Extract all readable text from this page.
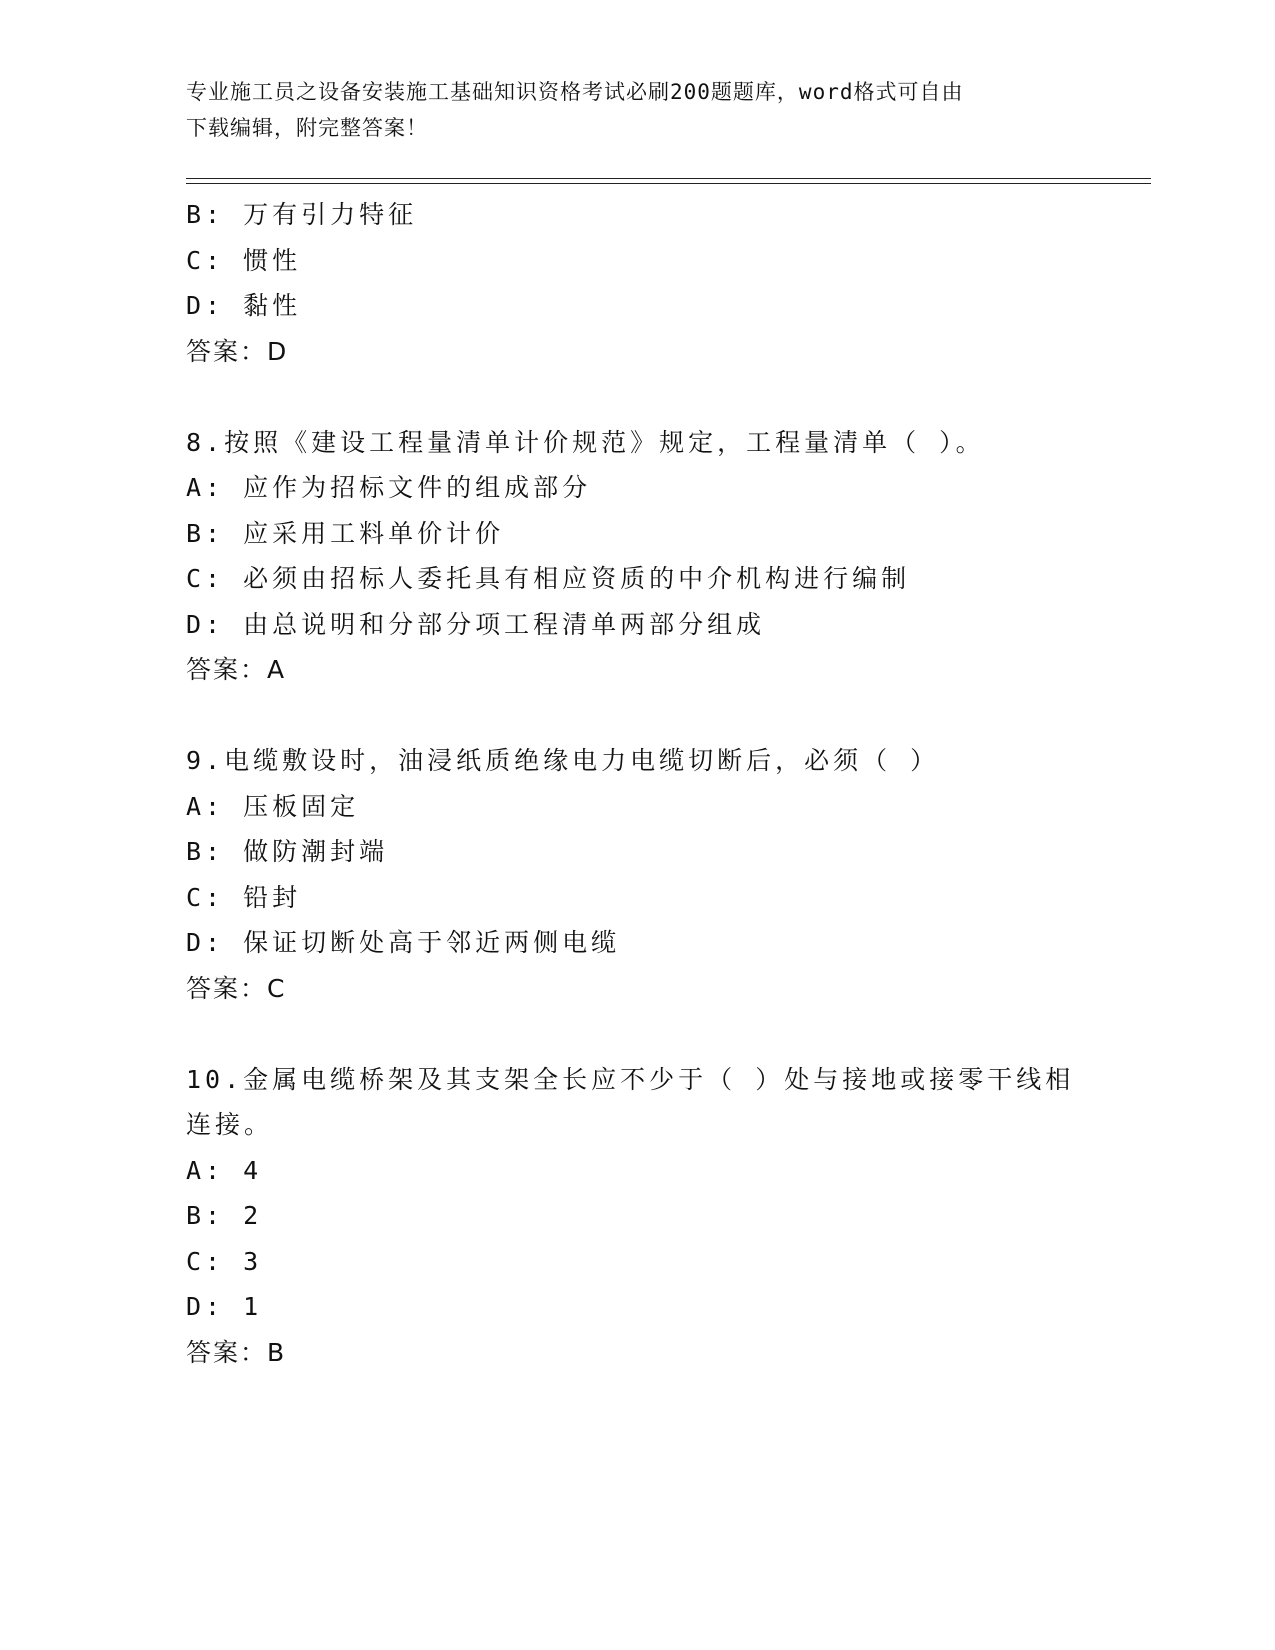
专业施工员之设备安装施工基础知识资格考试必刷200题题库，word格式可自由
下载编辑，附完整答案！
B: 万有引力特征
C: 惯性
D: 黏性
答案：D
8.按照《建设工程量清单计价规范》规定，工程量清单（ ）。
A: 应作为招标文件的组成部分
B: 应采用工料单价计价
C: 必须由招标人委托具有相应资质的中介机构进行编制
D: 由总说明和分部分项工程清单两部分组成
答案：A
9.电缆敷设时，油浸纸质绝缘电力电缆切断后，必须（ ）
A: 压板固定
B: 做防潮封端
C: 铅封
D: 保证切断处高于邻近两侧电缆
答案：C
10.金属电缆桥架及其支架全长应不少于（ ）处与接地或接零干线相
连接。
A: 4
B: 2
C: 3
D: 1
答案：B
